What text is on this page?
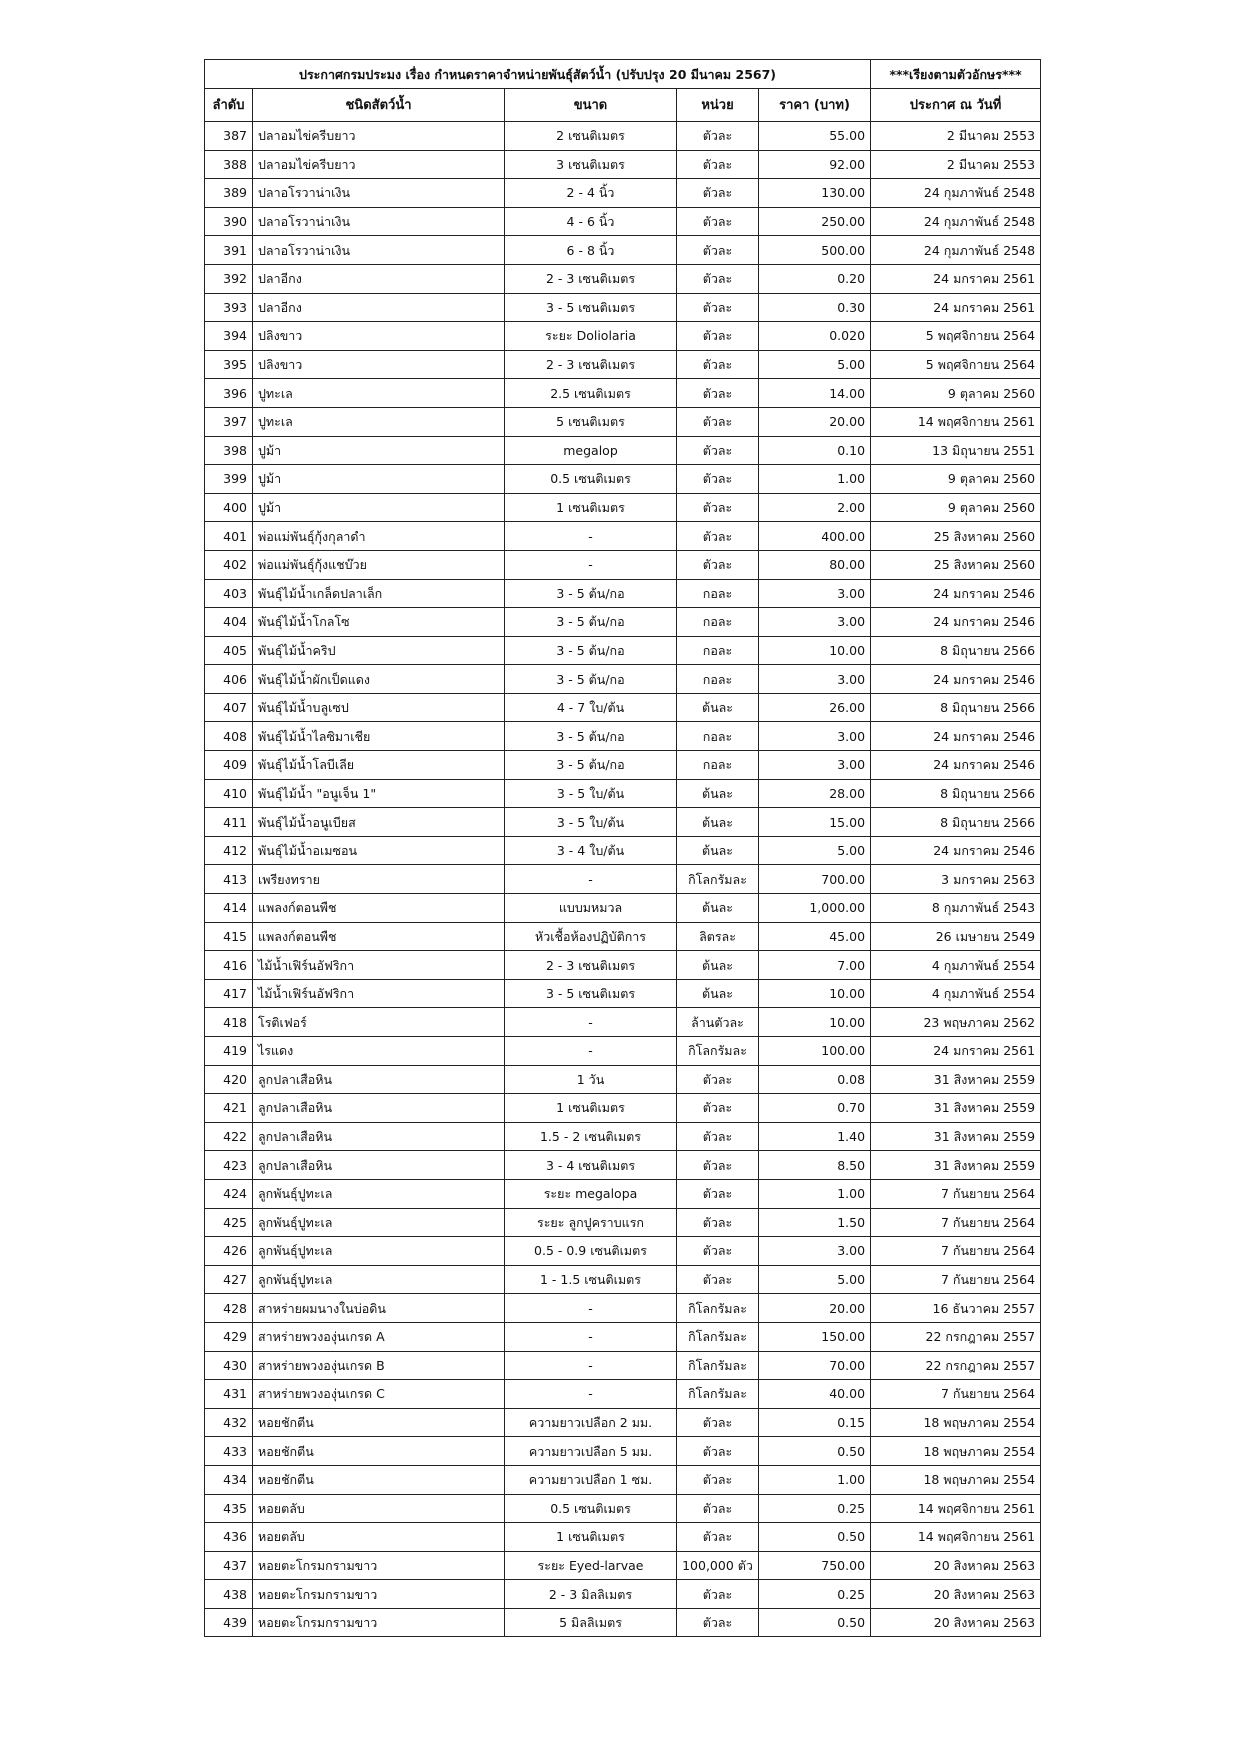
ประกาศกรมประมง เรื่อง กำหนดราคาจำหน่ายพันธุ์สัตว์น้ำ (ปรับปรุง 20 มีนาคม 2567)					***เรียงตามตัวอักษร***
ลำดับ	ชนิดสัตว์น้ำ	ขนาด	หน่วย	ราคา (บาท)	ประกาศ ณ วันที่
387	ปลาอมไข่ครีบยาว	2 เซนติเมตร	ตัวละ	55.00	2 มีนาคม 2553
388	ปลาอมไข่ครีบยาว	3 เซนติเมตร	ตัวละ	92.00	2 มีนาคม 2553
389	ปลาอโรวาน่าเงิน	2 - 4 นิ้ว	ตัวละ	130.00	24 กุมภาพันธ์ 2548
390	ปลาอโรวาน่าเงิน	4 - 6 นิ้ว	ตัวละ	250.00	24 กุมภาพันธ์ 2548
391	ปลาอโรวาน่าเงิน	6 - 8 นิ้ว	ตัวละ	500.00	24 กุมภาพันธ์ 2548
392	ปลาอีกง	2 - 3 เซนติเมตร	ตัวละ	0.20	24 มกราคม 2561
393	ปลาอีกง	3 - 5 เซนติเมตร	ตัวละ	0.30	24 มกราคม 2561
394	ปลิงขาว	ระยะ Doliolaria	ตัวละ	0.020	5 พฤศจิกายน 2564
395	ปลิงขาว	2 - 3 เซนติเมตร	ตัวละ	5.00	5 พฤศจิกายน 2564
396	ปูทะเล	2.5 เซนติเมตร	ตัวละ	14.00	9 ตุลาคม 2560
397	ปูทะเล	5 เซนติเมตร	ตัวละ	20.00	14 พฤศจิกายน 2561
398	ปูม้า	megalop	ตัวละ	0.10	13 มิถุนายน 2551
399	ปูม้า	0.5 เซนติเมตร	ตัวละ	1.00	9 ตุลาคม 2560
400	ปูม้า	1 เซนติเมตร	ตัวละ	2.00	9 ตุลาคม 2560
401	พ่อแม่พันธุ์กุ้งกุลาดำ	-	ตัวละ	400.00	25 สิงหาคม 2560
402	พ่อแม่พันธุ์กุ้งแชบ๊วย	-	ตัวละ	80.00	25 สิงหาคม 2560
403	พันธุ์ไม้น้ำเกล็ดปลาเล็ก	3 - 5 ต้น/กอ	กอละ	3.00	24 มกราคม 2546
404	พันธุ์ไม้น้ำโกลโซ	3 - 5 ต้น/กอ	กอละ	3.00	24 มกราคม 2546
405	พันธุ์ไม้น้ำคริป	3 - 5 ต้น/กอ	กอละ	10.00	8 มิถุนายน 2566
406	พันธุ์ไม้น้ำผักเป็ดแดง	3 - 5 ต้น/กอ	กอละ	3.00	24 มกราคม 2546
407	พันธุ์ไม้น้ำบลูเซป	4 - 7 ใบ/ต้น	ต้นละ	26.00	8 มิถุนายน 2566
408	พันธุ์ไม้น้ำไลซิมาเชีย	3 - 5 ต้น/กอ	กอละ	3.00	24 มกราคม 2546
409	พันธุ์ไม้น้ำโลบีเลีย	3 - 5 ต้น/กอ	กอละ	3.00	24 มกราคม 2546
410	พันธุ์ไม้น้ำ "อนูเจ็น 1"	3 - 5 ใบ/ต้น	ต้นละ	28.00	8 มิถุนายน 2566
411	พันธุ์ไม้น้ำอนูเบียส	3 - 5 ใบ/ต้น	ต้นละ	15.00	8 มิถุนายน 2566
412	พันธุ์ไม้น้ำอเมซอน	3 - 4 ใบ/ต้น	ต้นละ	5.00	24 มกราคม 2546
413	เพรียงทราย	-	กิโลกรัมละ	700.00	3 มกราคม 2563
414	แพลงก์ตอนพืช	แบบมหมวล	ต้นละ	1,000.00	8 กุมภาพันธ์ 2543
415	แพลงก์ตอนพืช	หัวเชื้อห้องปฏิบัติการ	ลิตรละ	45.00	26 เมษายน 2549
416	ไม้น้ำเฟิร์นอัฟริกา	2 - 3 เซนติเมตร	ต้นละ	7.00	4 กุมภาพันธ์ 2554
417	ไม้น้ำเฟิร์นอัฟริกา	3 - 5 เซนติเมตร	ต้นละ	10.00	4 กุมภาพันธ์ 2554
418	โรติเฟอร์	-	ล้านตัวละ	10.00	23 พฤษภาคม 2562
419	ไรแดง	-	กิโลกรัมละ	100.00	24 มกราคม 2561
420	ลูกปลาเสือหิน	1 วัน	ตัวละ	0.08	31 สิงหาคม 2559
421	ลูกปลาเสือหิน	1 เซนติเมตร	ตัวละ	0.70	31 สิงหาคม 2559
422	ลูกปลาเสือหิน	1.5 - 2 เซนติเมตร	ตัวละ	1.40	31 สิงหาคม 2559
423	ลูกปลาเสือหิน	3 - 4 เซนติเมตร	ตัวละ	8.50	31 สิงหาคม 2559
424	ลูกพันธุ์ปูทะเล	ระยะ megalopa	ตัวละ	1.00	7 กันยายน 2564
425	ลูกพันธุ์ปูทะเล	ระยะ ลูกปูคราบแรก	ตัวละ	1.50	7 กันยายน 2564
426	ลูกพันธุ์ปูทะเล	0.5 - 0.9 เซนติเมตร	ตัวละ	3.00	7 กันยายน 2564
427	ลูกพันธุ์ปูทะเล	1 - 1.5 เซนติเมตร	ตัวละ	5.00	7 กันยายน 2564
428	สาหร่ายผมนางในบ่อดิน	-	กิโลกรัมละ	20.00	16 ธันวาคม 2557
429	สาหร่ายพวงองุ่นเกรด A	-	กิโลกรัมละ	150.00	22 กรกฎาคม 2557
430	สาหร่ายพวงองุ่นเกรด B	-	กิโลกรัมละ	70.00	22 กรกฎาคม 2557
431	สาหร่ายพวงองุ่นเกรด C	-	กิโลกรัมละ	40.00	7 กันยายน 2564
432	หอยชักตีน	ความยาวเปลือก 2 มม.	ตัวละ	0.15	18 พฤษภาคม 2554
433	หอยชักตีน	ความยาวเปลือก 5 มม.	ตัวละ	0.50	18 พฤษภาคม 2554
434	หอยชักตีน	ความยาวเปลือก 1 ซม.	ตัวละ	1.00	18 พฤษภาคม 2554
435	หอยตลับ	0.5 เซนติเมตร	ตัวละ	0.25	14 พฤศจิกายน 2561
436	หอยตลับ	1 เซนติเมตร	ตัวละ	0.50	14 พฤศจิกายน 2561
437	หอยตะโกรมกรามขาว	ระยะ Eyed-larvae	100,000 ตัว	750.00	20 สิงหาคม 2563
438	หอยตะโกรมกรามขาว	2 - 3 มิลลิเมตร	ตัวละ	0.25	20 สิงหาคม 2563
439	หอยตะโกรมกรามขาว	5 มิลลิเมตร	ตัวละ	0.50	20 สิงหาคม 2563
